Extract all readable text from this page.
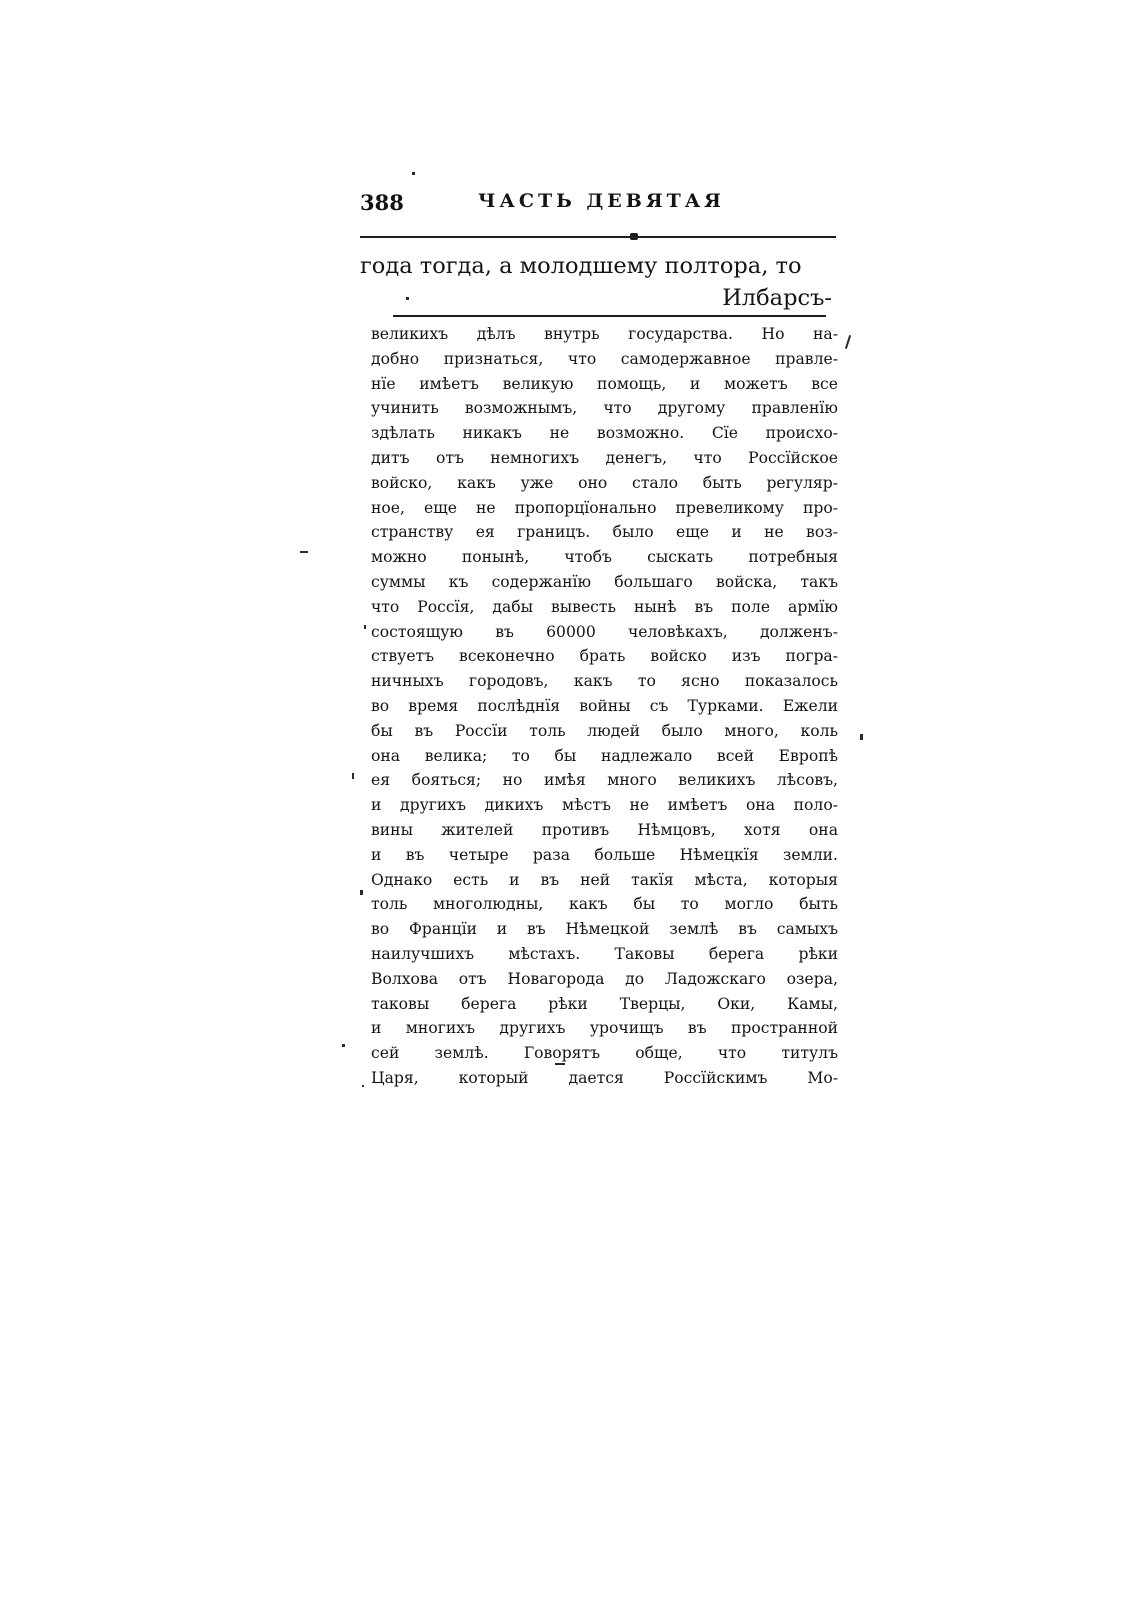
388	ЧАСТЬ ДЕВЯТАЯ
года тогда, а молодшему полтора, то
Илбарсъ-
великихъ дѣлъ внутрь государства. Но на-
добно признаться, что самодержавное правле-
нїе имѣетъ великую помощь, и можетъ все
учинить возможнымъ, что другому правленїю
здѣлать никакъ не возможно. Сїе происхо-
дитъ отъ немногихъ денегъ, что Россїйское
войско, какъ уже оно стало быть регуляр-
ное, еще не пропорцїонально превеликому про-
странству ея границъ. было еще и не воз-
можно понынѣ, чтобъ сыскать потребныя
суммы къ содержанїю большаго войска, такъ
что Россїя, дабы вывесть нынѣ въ поле армїю
состоящую въ 60000 человѣкахъ, долженъ-
ствуетъ всеконечно брать войско изъ погра-
ничныхъ городовъ, какъ то ясно показалось
во время послѣднїя войны съ Турками. Ежели
бы въ Россїи толь людей было много, коль
она велика; то бы надлежало всей Европѣ
ея бояться; но имѣя много великихъ лѣсовъ,
и другихъ дикихъ мѣстъ не имѣетъ она поло-
вины жителей противъ Нѣмцовъ, хотя она
и въ четыре раза больше Нѣмецкїя земли.
Однако есть и въ ней такїя мѣста, которыя
толь многолюдны, какъ бы то могло быть
во Францїи и въ Нѣмецкой землѣ въ самыхъ
наилучшихъ мѣстахъ. Таковы берега рѣки
Волхова отъ Новагорода до Ладожскаго озера,
таковы берега рѣки Тверцы, Оки, Камы,
и многихъ другихъ урочищъ въ пространной
сей землѣ. Говорятъ обще, что титулъ
Царя, который дается Россїйскимъ Мо-
